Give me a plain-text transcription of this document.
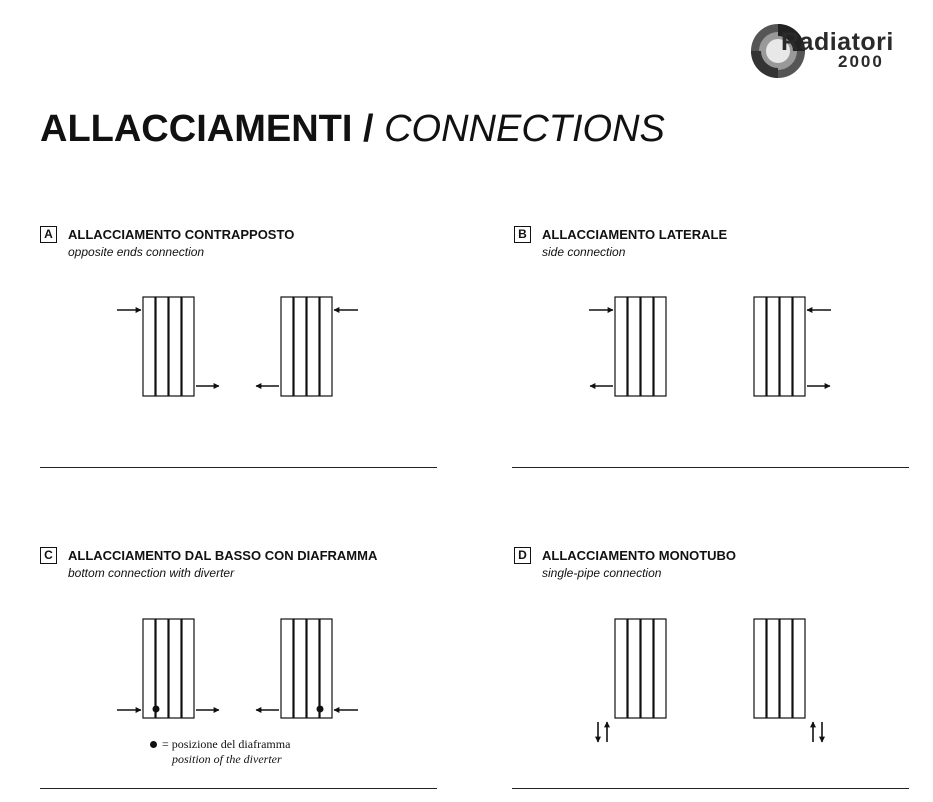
Radiatori
2000
ALLACCIAMENTI / CONNECTIONS
A	ALLACCIAMENTO CONTRAPPOSTO
opposite ends connection
B	ALLACCIAMENTO LATERALE
side connection
C	ALLACCIAMENTO DAL BASSO CON DIAFRAMMA
bottom connection with diverter
D	ALLACCIAMENTO MONOTUBO
single-pipe connection
= posizione del diaframma
position of the diverter
